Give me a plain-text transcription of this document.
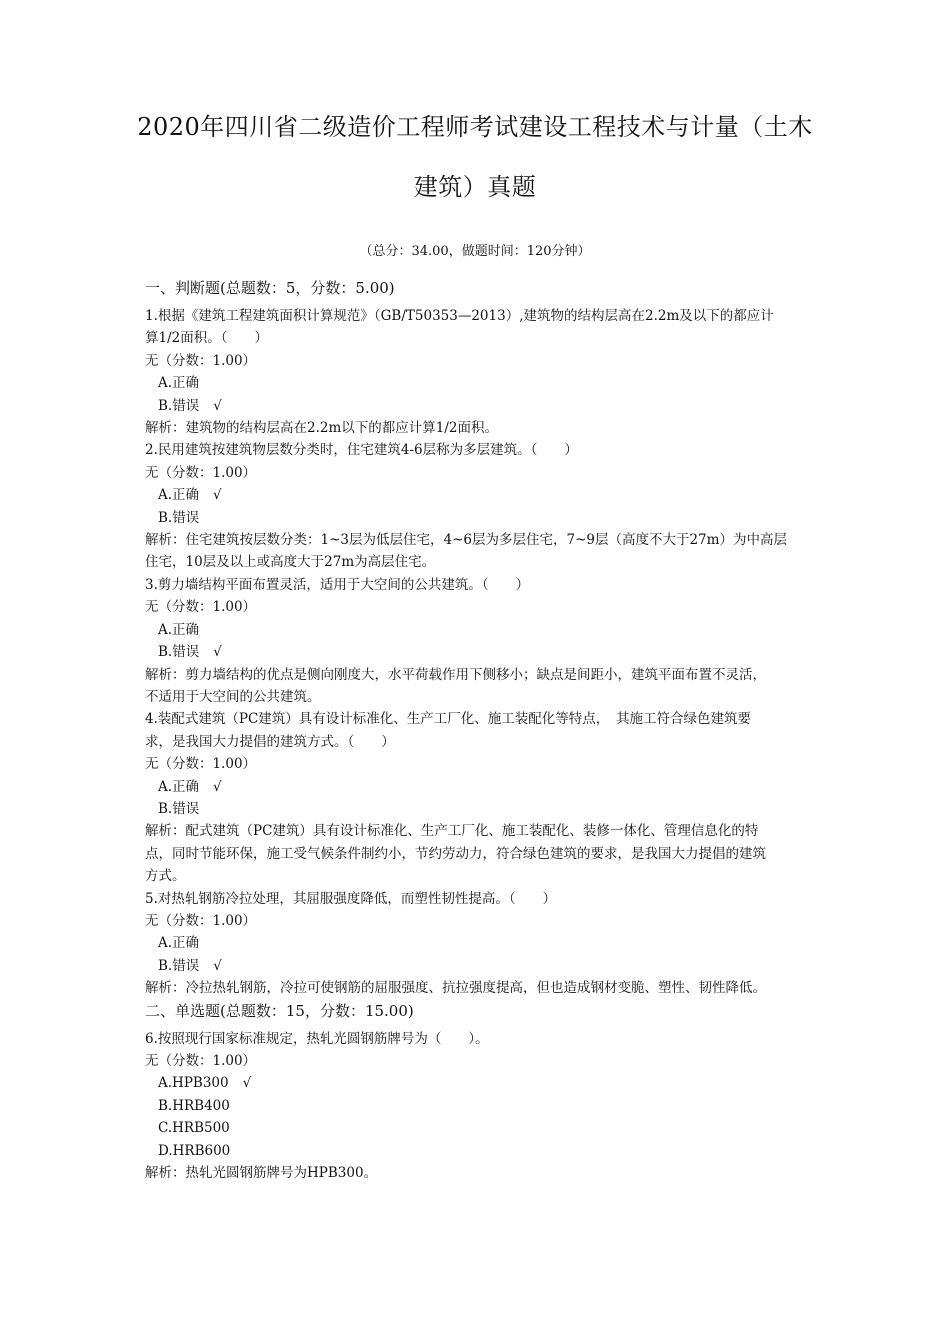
2020年四川省二级造价工程师考试建设工程技术与计量（土木
建筑）真题
（总分：34.00，做题时间：120分钟）
一、判断题(总题数：5，分数：5.00)
1.根据《建筑工程建筑面积计算规范》（GB/T50353—2013）,建筑物的结构层高在2.2m及以下的都应计
算1/2面积。（　　）
无（分数：1.00）
A.正确
B.错误 √
解析：建筑物的结构层高在2.2m以下的都应计算1/2面积。
2.民用建筑按建筑物层数分类时，住宅建筑4-6层称为多层建筑。（　　）
无（分数：1.00）
A.正确 √
B.错误
解析：住宅建筑按层数分类：1~3层为低层住宅，4~6层为多层住宅，7~9层（高度不大于27m）为中高层
住宅，10层及以上或高度大于27m为高层住宅。
3.剪力墙结构平面布置灵活，适用于大空间的公共建筑。（　　）
无（分数：1.00）
A.正确
B.错误 √
解析：剪力墙结构的优点是侧向刚度大，水平荷载作用下侧移小；缺点是间距小，建筑平面布置不灵活，
不适用于大空间的公共建筑。
4.装配式建筑（PC建筑）具有设计标准化、生产工厂化、施工装配化等特点，　其施工符合绿色建筑要
求，是我国大力提倡的建筑方式。（　　）
无（分数：1.00）
A.正确 √
B.错误
解析：配式建筑（PC建筑）具有设计标准化、生产工厂化、施工装配化、装修一体化、管理信息化的特
点，同时节能环保，施工受气候条件制约小，节约劳动力，符合绿色建筑的要求，是我国大力提倡的建筑
方式。
5.对热轧钢筋冷拉处理，其屈服强度降低，而塑性韧性提高。（　　）
无（分数：1.00）
A.正确
B.错误 √
解析：冷拉热轧钢筋，冷拉可使钢筋的屈服强度、抗拉强度提高，但也造成钢材变脆、塑性、韧性降低。
二、单选题(总题数：15，分数：15.00)
6.按照现行国家标准规定，热轧光圆钢筋牌号为（　　）。
无（分数：1.00）
A.HPB300 √
B.HRB400
C.HRB500
D.HRB600
解析：热轧光圆钢筋牌号为HPB300。
